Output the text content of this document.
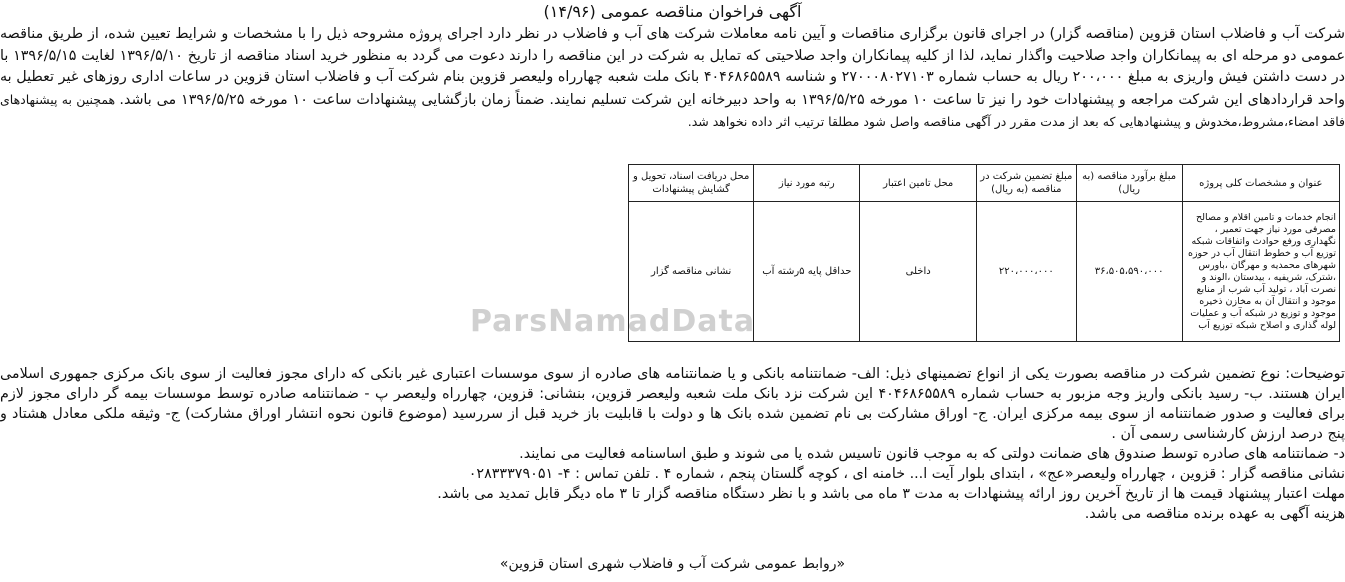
آگهی فراخوان مناقصه عمومی (۱۴/۹۶)
شرکت آب و فاضلاب استان قزوین (مناقصه گزار) در اجرای قانون برگزاری مناقصات و آیین نامه معاملات شرکت های آب و فاضلاب در نظر دارد اجرای پروژه مشروحه ذیل را با مشخصات و شرایط تعیین شده، از طریق مناقصه عمومی دو مرحله ای به پیمانکاران واجد صلاحیت واگذار نماید، لذا از کلیه پیمانکاران واجد صلاحیتی که تمایل به شرکت در این مناقصه را دارند دعوت می گردد به منظور خرید اسناد مناقصه از تاریخ ۱۳۹۶/۵/۱۰ لغایت ۱۳۹۶/۵/۱۵ با در دست داشتن فیش واریزی به مبلغ ۲۰۰،۰۰۰ ریال به حساب شماره ۲۷۰۰۰۸۰۲۷۱۰۳ و شناسه ۴۰۴۶۸۶۵۵۸۹ بانک ملت شعبه چهارراه ولیعصر قزوین بنام شرکت آب و فاضلاب استان قزوین در ساعات اداری روزهای غیر تعطیل به واحد قراردادهای این شرکت مراجعه و پیشنهادات خود را نیز تا ساعت ۱۰ مورخه ۱۳۹۶/۵/۲۵ به واحد دبیرخانه این شرکت تسلیم نمایند. ضمناً زمان بازگشایی پیشنهادات ساعت ۱۰ مورخه ۱۳۹۶/۵/۲۵ می باشد. همچنین به پیشنهادهای فاقد امضاء،مشروط،مخدوش و پیشنهادهایی که بعد از مدت مقرر در آگهی مناقصه واصل شود مطلقا ترتیب اثر داده نخواهد شد.
عنوان و مشخصات کلی پروژه	مبلغ برآورد مناقصه (به ریال)	مبلغ تضمین شرکت در مناقصه (به ریال)	محل تامین اعتبار	رتبه مورد نیاز	محل دریافت اسناد، تحویل و گشایش پیشنهادات
انجام خدمات و تامین اقلام و مصالح مصرفی مورد نیاز جهت تعمیر ، نگهداری ورفع حوادث واتفاقات شبکه توزیع آب و خطوط انتقال آب در حوزه شهرهای محمدیه و مهرگان ،باورس ،شترک، شریفیه ، بیدستان ،الوند و نصرت آباد ، تولید آب شرب از منابع موجود و انتقال آن به مخازن ذخیره موجود و توزیع در شبکه آب و عملیات لوله گذاری و اصلاح شبکه توزیع آب	۳۶،۵۰۵،۵۹۰،۰۰۰	۲۲۰،۰۰۰،۰۰۰	داخلی	حداقل پایه ۵رشته آب	نشانی مناقصه گزار
ParsNamadData

توضیحات: نوع تضمین شرکت در مناقصه بصورت یکی از انواع تضمینهای ذیل: الف- ضمانتنامه بانکی و یا ضمانتنامه های صادره از سوی موسسات اعتباری غیر بانکی که دارای مجوز فعالیت از سوی بانک مرکزی جمهوری اسلامی ایران هستند. ب- رسید بانکی واریز وجه مزبور به حساب شماره ۴۰۴۶۸۶۵۵۸۹ این شرکت نزد بانک ملت شعبه ولیعصر قزوین، بنشانی: قزوین، چهارراه ولیعصر پ - ضمانتنامه صادره توسط موسسات بیمه گر دارای مجوز لازم برای فعالیت و صدور ضمانتنامه از سوی بیمه مرکزی ایران. ج- اوراق مشارکت بی نام تضمین شده بانک ها و دولت با قابلیت باز خرید قبل از سررسید (موضوع قانون نحوه انتشار اوراق مشارکت) ج- وثیقه ملکی معادل هشتاد و پنج درصد ارزش کارشناسی رسمی آن .

د- ضمانتنامه های صادره توسط صندوق های ضمانت دولتی که به موجب قانون تاسیس شده یا می شوند و طبق اساسنامه فعالیت می نمایند.

نشانی مناقصه گزار : قزوین ، چهارراه ولیعصر«عج» ، ابتدای بلوار آیت ا... خامنه ای ، کوچه گلستان پنجم ، شماره ۴ . تلفن تماس : ۴- ۰۲۸۳۳۳۷۹۰۵۱

مهلت اعتبار پیشنهاد قیمت ها از تاریخ آخرین روز ارائه پیشنهادات به مدت ۳ ماه می باشد و با نظر دستگاه مناقصه گزار تا ۳ ماه دیگر قابل تمدید می باشد.

هزینه آگهی به عهده برنده مناقصه می باشد.

«روابط عمومی شرکت آب و فاضلاب شهری استان قزوین»
